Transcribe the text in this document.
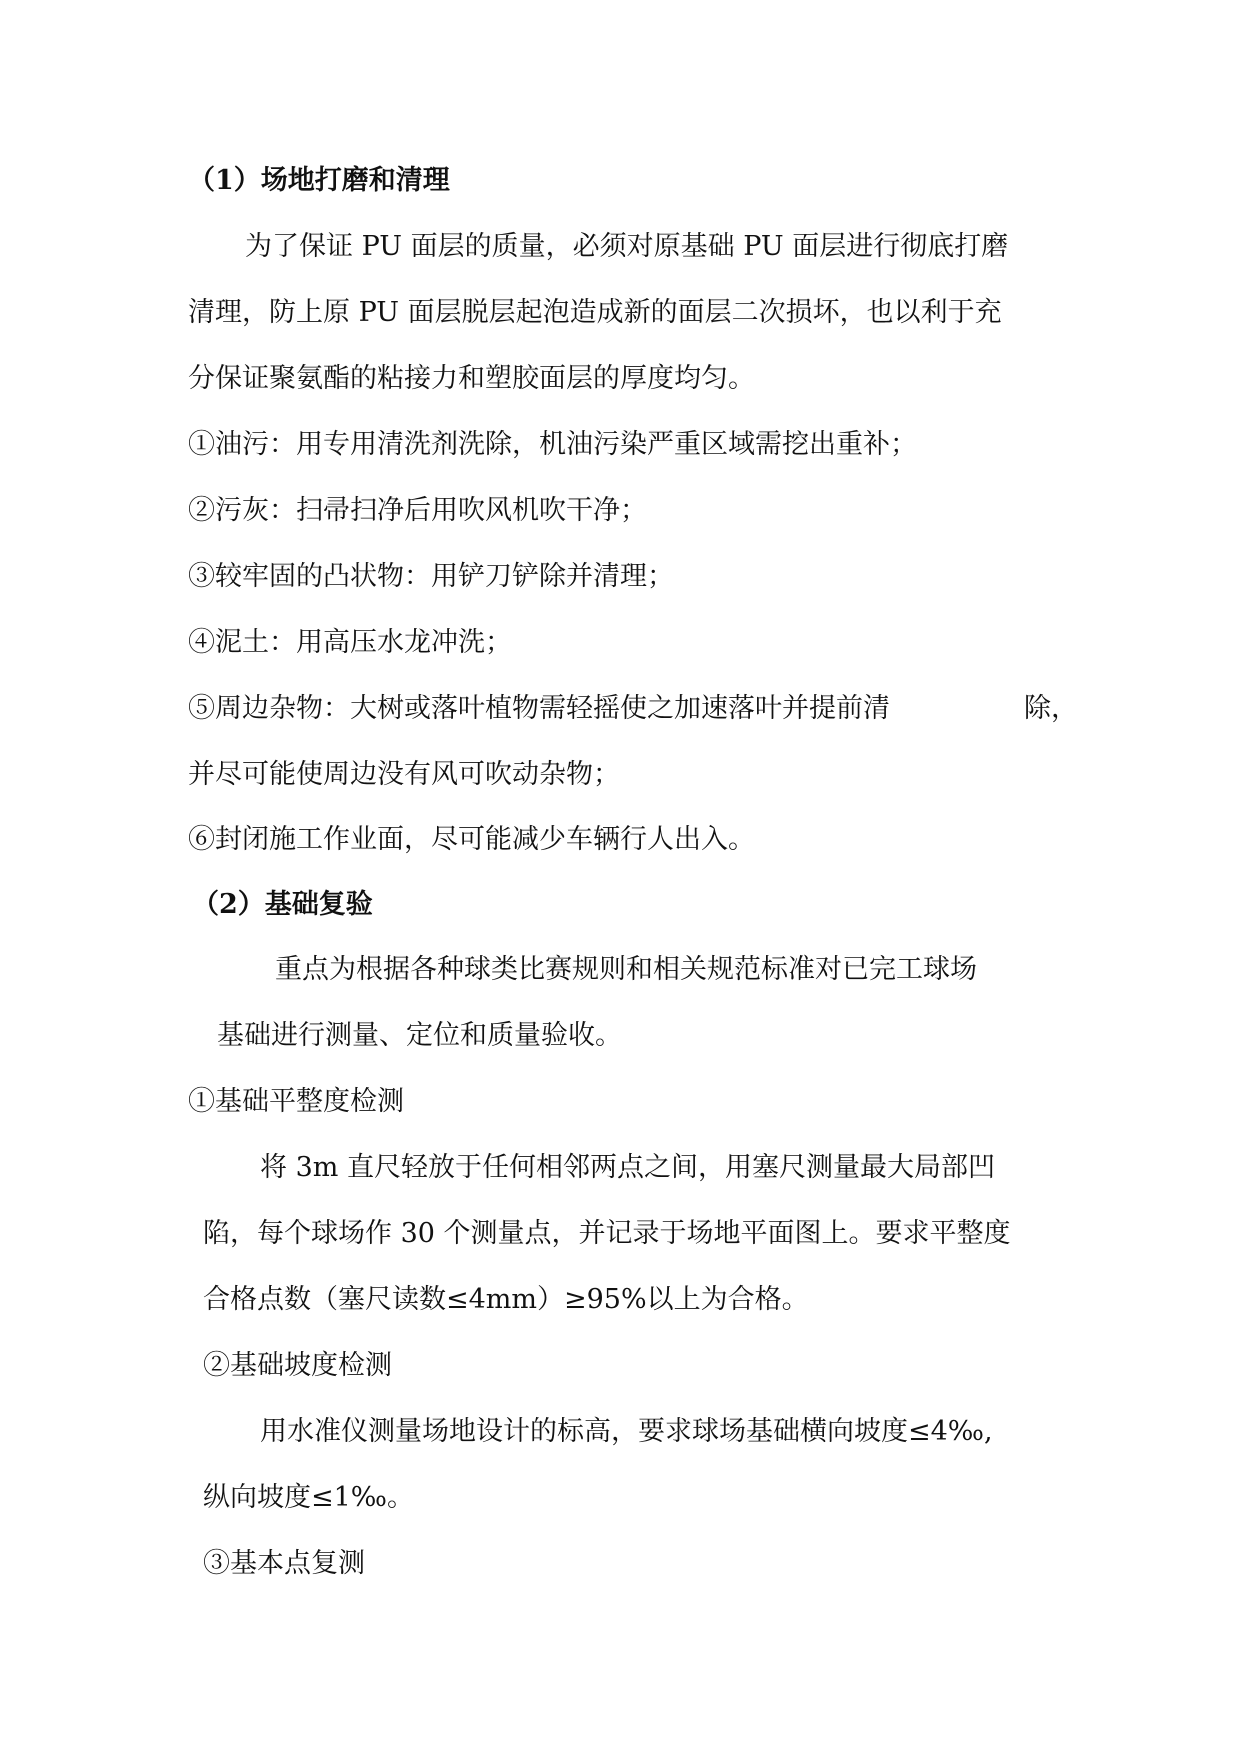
（1）场地打磨和清理
为了保证 PU 面层的质量，必须对原基础 PU 面层进行彻底打磨
清理，防上原 PU 面层脱层起泡造成新的面层二次损坏，也以利于充
分保证聚氨酯的粘接力和塑胶面层的厚度均匀。
①油污：用专用清洗剂洗除，机油污染严重区域需挖出重补；
②污灰：扫帚扫净后用吹风机吹干净；
③较牢固的凸状物：用铲刀铲除并清理；
④泥土：用高压水龙冲洗；
⑤周边杂物：大树或落叶植物需轻摇使之加速落叶并提前清	除，
并尽可能使周边没有风可吹动杂物；
⑥封闭施工作业面，尽可能减少车辆行人出入。
（2）基础复验
重点为根据各种球类比赛规则和相关规范标准对已完工球场
基础进行测量、定位和质量验收。
①基础平整度检测
将 3m 直尺轻放于任何相邻两点之间，用塞尺测量最大局部凹
陷，每个球场作 30 个测量点，并记录于场地平面图上。要求平整度
合格点数（塞尺读数≤4mm）≥95%以上为合格。
②基础坡度检测
用水准仪测量场地设计的标高，要求球场基础横向坡度≤4‰,
纵向坡度≤1‰。
③基本点复测
